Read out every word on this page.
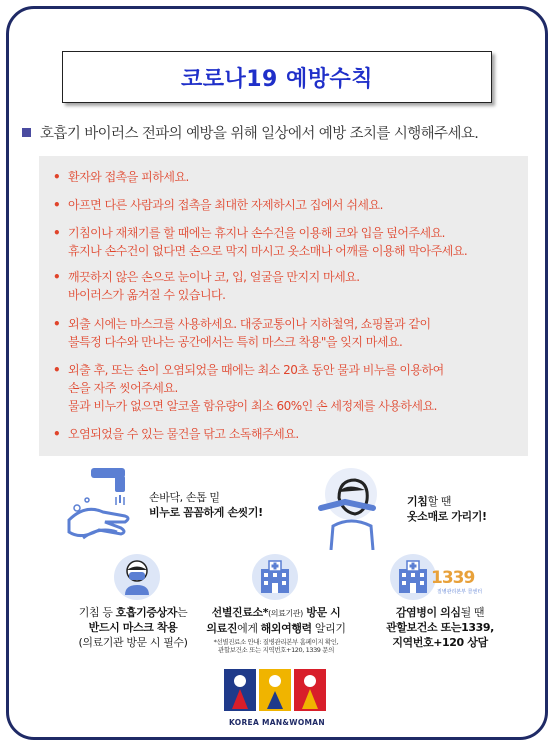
코로나19 예방수칙
호흡기 바이러스 전파의 예방을 위해 일상에서 예방 조치를 시행해주세요.
• 환자와 접촉을 피하세요.
• 아프면 다른 사람과의 접촉을 최대한 자제하시고 집에서 쉬세요.
• 기침이나 재채기를 할 때에는 휴지나 손수건을 이용해 코와 입을 덮어주세요.
휴지나 손수건이 없다면 손으로 막지 마시고 옷소매나 어깨를 이용해 막아주세요.
• 깨끗하지 않은 손으로 눈이나 코, 입, 얼굴을 만지지 마세요.
바이러스가 옮겨질 수 있습니다.
• 외출 시에는 마스크를 사용하세요. 대중교통이나 지하철역, 쇼핑몰과 같이
불특정 다수와 만나는 공간에서는 특히 마스크 착용"을 잊지 마세요.
• 외출 후, 또는 손이 오염되었을 때에는 최소 20초 동안 물과 비누를 이용하여
손을 자주 씻어주세요.
물과 비누가 없으면 알코올 함유량이 최소 60%인 손 세정제를 사용하세요.
• 오염되었을 수 있는 물건을 닦고 소독해주세요.
손바닥, 손톱 밑
비누로 꼼꼼하게 손씻기!
기침할 땐
옷소매로 가리기!
기침 등 호흡기증상자는
반드시 마스크 착용
(의료기관 방문 시 필수)
선별진료소*(의료기관) 방문 시
의료진에게 해외여행력 알리기
*선별진료소 안내: 질병관리본부 홈페이지 확인,
관할보건소 또는 지역번호+120, 1339 문의
1339
질병관리본부 콜센터
감염병이 의심될 땐
관할보건소 또는1339,
지역번호+120 상담
KOREA MAN&WOMAN
